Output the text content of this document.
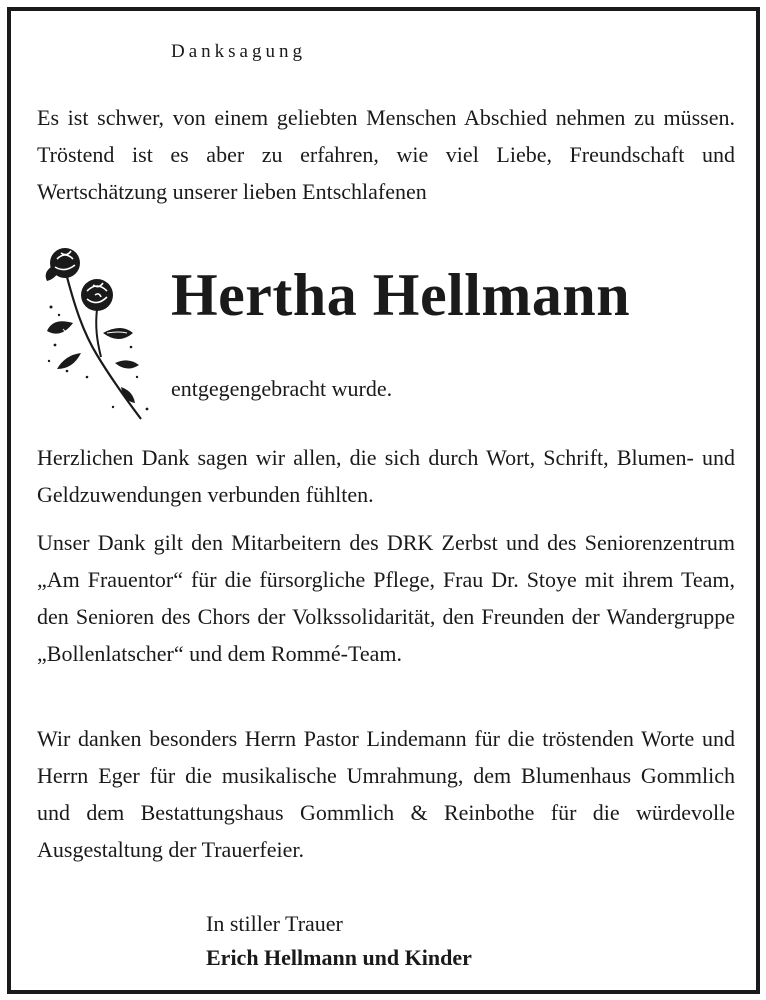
Danksagung
Es ist schwer, von einem geliebten Menschen Abschied nehmen zu müssen. Tröstend ist es aber zu erfahren, wie viel Liebe, Freundschaft und Wertschätzung unserer lieben Entschlafenen
Hertha Hellmann
entgegengebracht wurde.
Herzlichen Dank sagen wir allen, die sich durch Wort, Schrift, Blumen- und Geldzuwendungen verbunden fühlten.
Unser Dank gilt den Mitarbeitern des DRK Zerbst und des Seniorenzentrum „Am Frauentor“ für die fürsorgliche Pflege, Frau Dr. Stoye mit ihrem Team, den Senioren des Chors der Volkssolidarität, den Freunden der Wandergruppe „Bollenlatscher“ und dem Rommé-Team.
Wir danken besonders Herrn Pastor Lindemann für die tröstenden Worte und Herrn Eger für die musikalische Umrahmung, dem Blumenhaus Gommlich und dem Bestattungshaus Gommlich & Reinbothe für die würdevolle Ausgestaltung der Trauerfeier.
In stiller Trauer
Erich Hellmann und Kinder
